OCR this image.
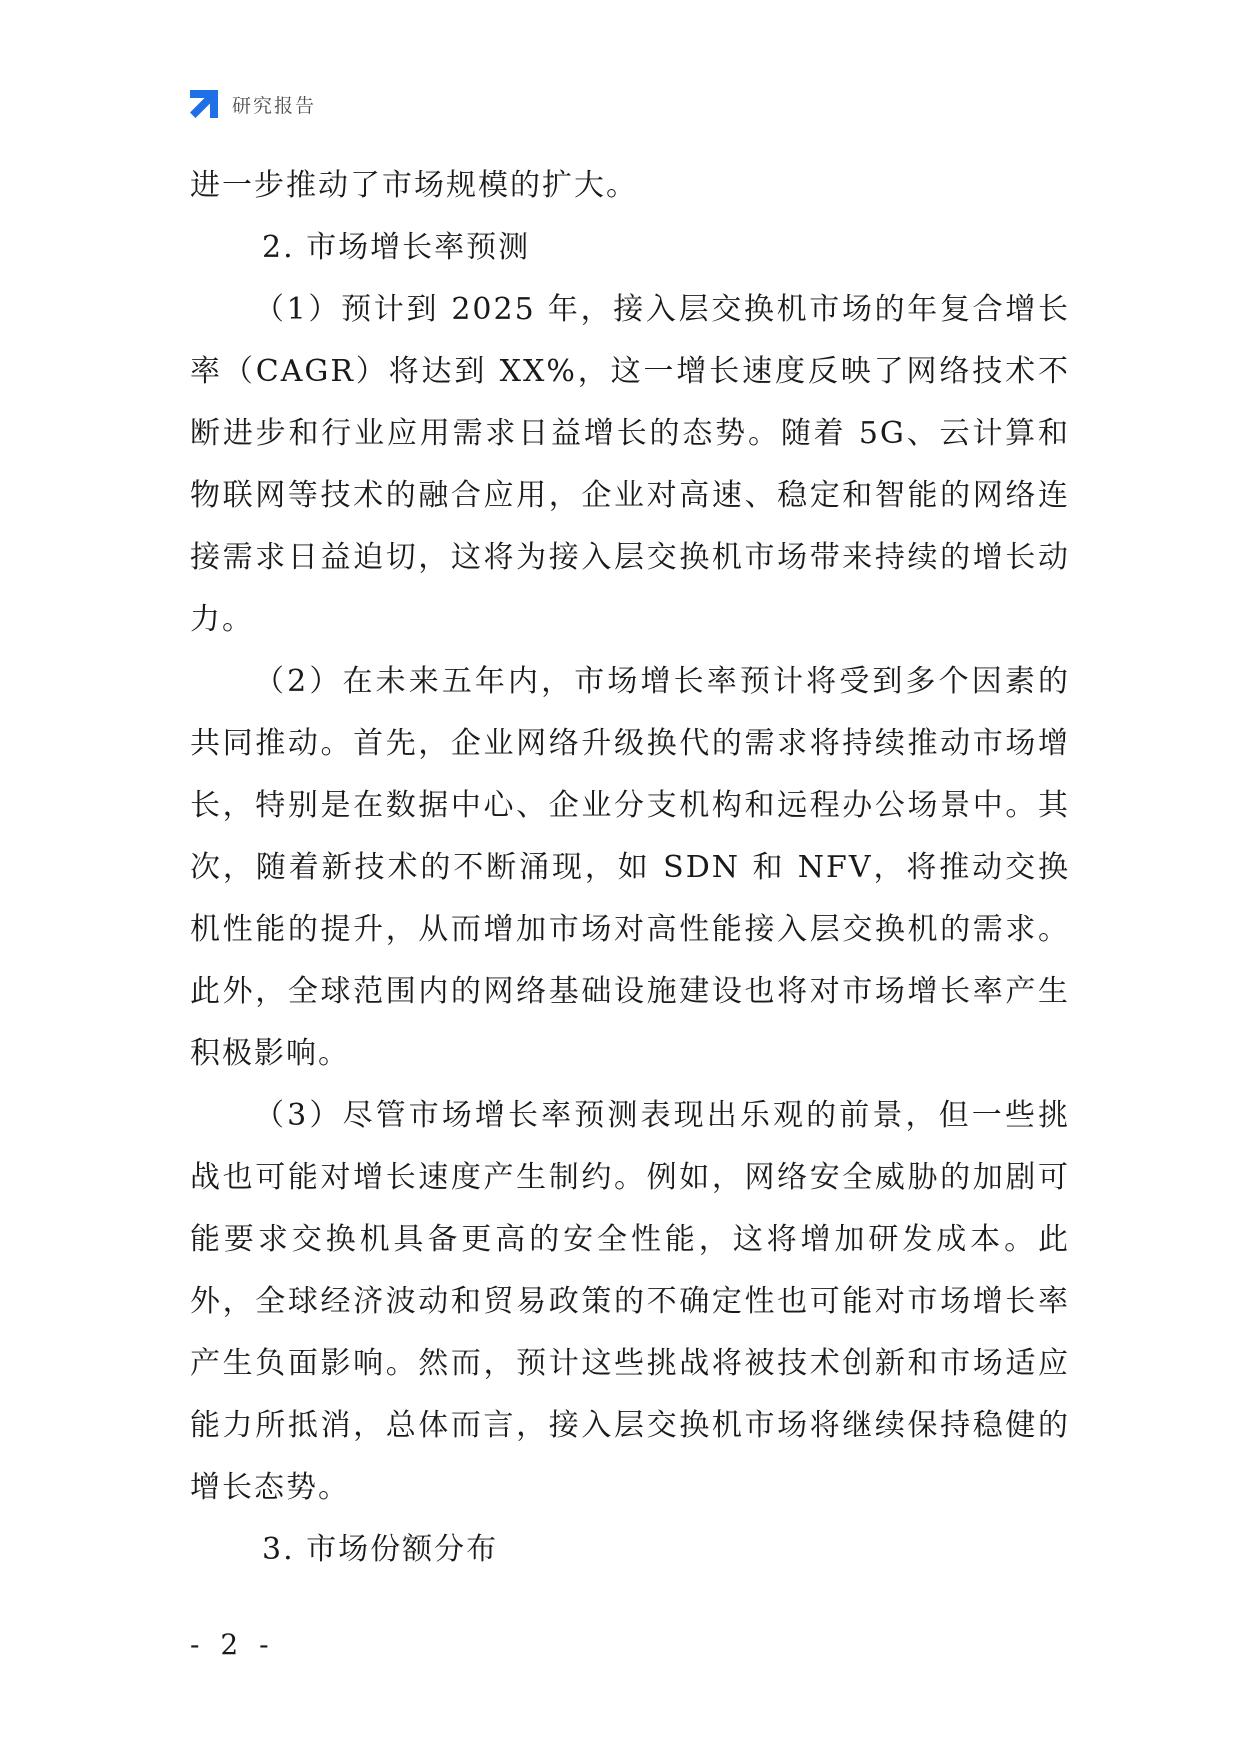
研究报告

进一步推动了市场规模的扩大。

2. 市场增长率预测

（1）预计到 2025 年，接入层交换机市场的年复合增长率（CAGR）将达到 XX%，这一增长速度反映了网络技术不断进步和行业应用需求日益增长的态势。随着 5G、云计算和物联网等技术的融合应用，企业对高速、稳定和智能的网络连接需求日益迫切，这将为接入层交换机市场带来持续的增长动力。

（2）在未来五年内，市场增长率预计将受到多个因素的共同推动。首先，企业网络升级换代的需求将持续推动市场增长，特别是在数据中心、企业分支机构和远程办公场景中。其次，随着新技术的不断涌现，如 SDN 和 NFV，将推动交换机性能的提升，从而增加市场对高性能接入层交换机的需求。此外，全球范围内的网络基础设施建设也将对市场增长率产生积极影响。

（3）尽管市场增长率预测表现出乐观的前景，但一些挑战也可能对增长速度产生制约。例如，网络安全威胁的加剧可能要求交换机具备更高的安全性能，这将增加研发成本。此外，全球经济波动和贸易政策的不确定性也可能对市场增长率产生负面影响。然而，预计这些挑战将被技术创新和市场适应能力所抵消，总体而言，接入层交换机市场将继续保持稳健的增长态势。

3. 市场份额分布

- 2 -
